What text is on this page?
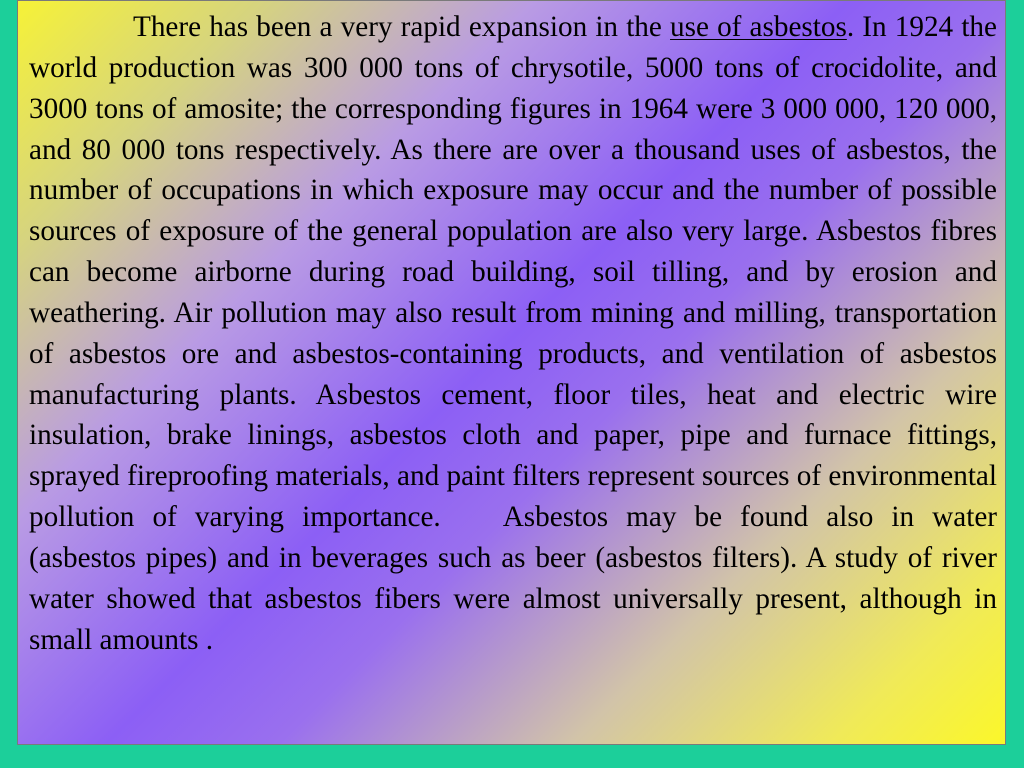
There has been a very rapid expansion in the use of asbestos. In 1924 the world production was 300 000 tons of chrysotile, 5000 tons of crocidolite, and 3000 tons of amosite; the corresponding figures in 1964 were 3 000 000, 120 000, and 80 000 tons respectively. As there are over a thousand uses of asbestos, the number of occupations in which exposure may occur and the number of possible sources of exposure of the general population are also very large. Asbestos fibres can become airborne during road building, soil tilling, and by erosion and weathering. Air pollution may also result from mining and milling, transportation of asbestos ore and asbestos-containing products, and ventilation of asbestos manufacturing plants. Asbestos cement, floor tiles, heat and electric wire insulation, brake linings, asbestos cloth and paper, pipe and furnace fittings, sprayed fireproofing materials, and paint filters represent sources of environmental pollution of varying importance. Asbestos may be found also in water (asbestos pipes) and in beverages such as beer (asbestos filters). A study of river water showed that asbestos fibers were almost universally present, although in small amounts .
